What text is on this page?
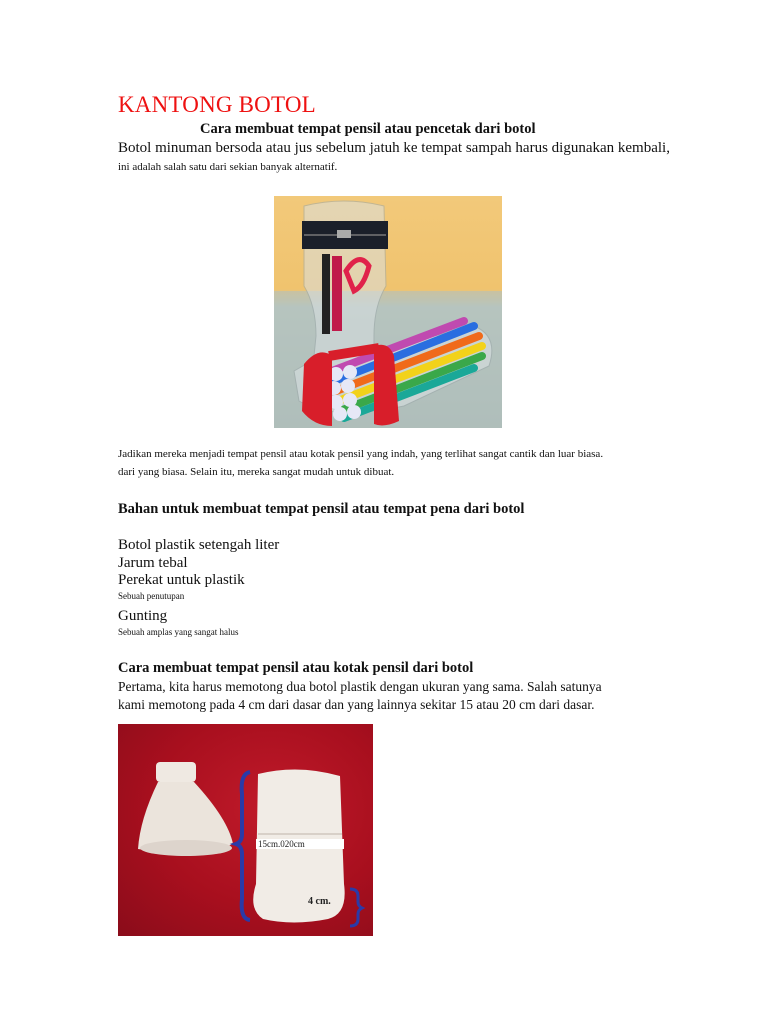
KANTONG BOTOL
Cara membuat tempat pensil atau pencetak dari botol
Botol minuman bersoda atau jus sebelum jatuh ke tempat sampah harus digunakan kembali,
ini adalah salah satu dari sekian banyak alternatif.
Jadikan mereka menjadi tempat pensil atau kotak pensil yang indah, yang terlihat sangat cantik dan luar biasa.
dari yang biasa. Selain itu, mereka sangat mudah untuk dibuat.
Bahan untuk membuat tempat pensil atau tempat pena dari botol
Botol plastik setengah liter
Jarum tebal
Perekat untuk plastik
Sebuah penutupan
Gunting
Sebuah amplas yang sangat halus
Cara membuat tempat pensil atau kotak pensil dari botol
Pertama, kita harus memotong dua botol plastik dengan ukuran yang sama. Salah satunya
kami memotong pada 4 cm dari dasar dan yang lainnya sekitar 15 atau 20 cm dari dasar.
15cm.020cm
4 cm.
